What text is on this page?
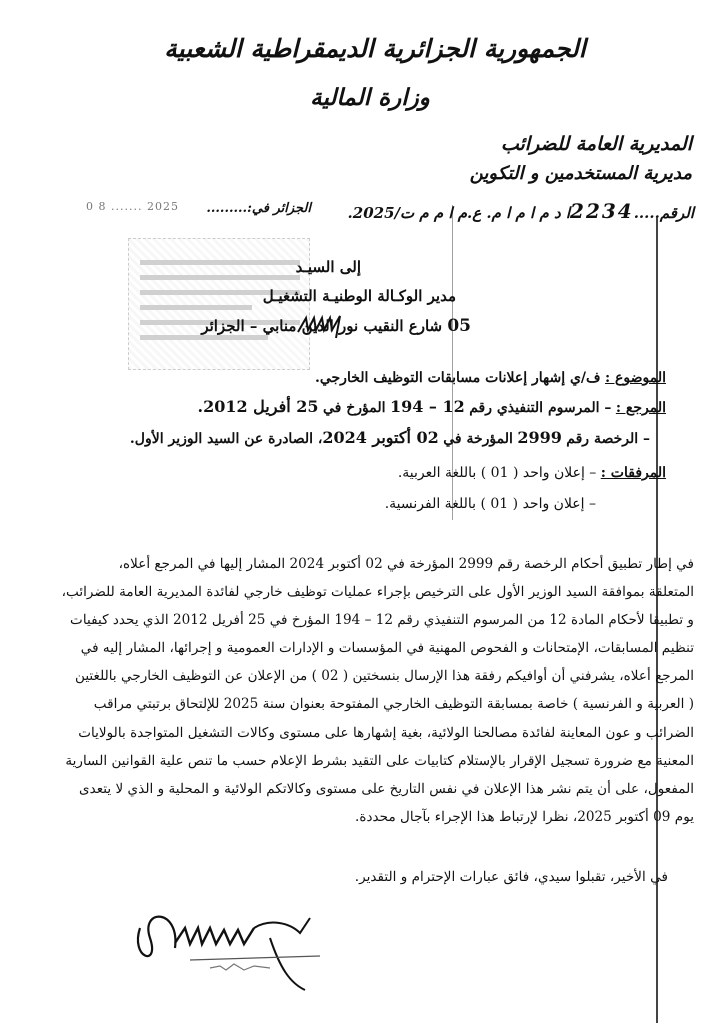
الجمهورية الجزائرية الديمقراطية الشعبية
وزارة المالية
المديرية العامة للضرائب
مديرية المستخدمين و التكوين
الرقم.....2234ا د م ا م ا م. ع.م ا م م ت/2025.
الجزائر في:.........
0 8 ....... 2025
إلى السيـد
مدير الوكـالة الوطنيـة التشغيـل
05 شارع النقيب نور الدين منابي – الجزائر
الموضوع : ف/ي إشهار إعلانات مسابقات التوظيف الخارجي.
المرجع : – المرسوم التنفيذي رقم 12 – 194 المؤرخ في 25 أفريل 2012.
– الرخصة رقم 2999 المؤرخة في 02 أكتوبر 2024، الصادرة عن السيد الوزير الأول.
المرفقات : – إعلان واحد ( 01 ) باللغة العربية.
– إعلان واحد ( 01 ) باللغة الفرنسية.
في إطار تطبيق أحكام الرخصة رقم 2999 المؤرخة في 02 أكتوبر 2024 المشار إليها في المرجع أعلاه،
المتعلقة بموافقة السيد الوزير الأول على الترخيص بإجراء عمليات توظيف خارجي لفائدة المديرية العامة للضرائب،
و تطبيقا لأحكام المادة 12 من المرسوم التنفيذي رقم 12 – 194 المؤرخ في 25 أفريل 2012 الذي يحدد كيفيات
تنظيم المسابقات، الإمتحانات و الفحوص المهنية في المؤسسات و الإدارات العمومية و إجرائها، المشار إليه في
المرجع أعلاه، يشرفني أن أوافيكم رفقة هذا الإرسال بنسختين ( 02 ) من الإعلان عن التوظيف الخارجي باللغتين
( العربية و الفرنسية ) خاصة بمسابقة التوظيف الخارجي المفتوحة بعنوان سنة 2025 للإلتحاق برتبتي مراقب
الضرائب و عون المعاينة لفائدة مصالحنا الولائية، بغية إشهارها على مستوى وكالات التشغيل المتواجدة بالولايات
المعنية مع ضرورة تسجيل الإقرار بالإستلام كتابيات على التقيد بشرط الإعلام حسب ما تنص علية القوانين السارية
المفعول، على أن يتم نشر هذا الإعلان في نفس التاريخ على مستوى وكالاتكم الولائية و المحلية و الذي لا يتعدى
يوم 09 أكتوبر 2025، نظرا لإرتباط هذا الإجراء بآجال محددة.
في الأخير، تقبلوا سيدي، فائق عبارات الإحترام و التقدير.
